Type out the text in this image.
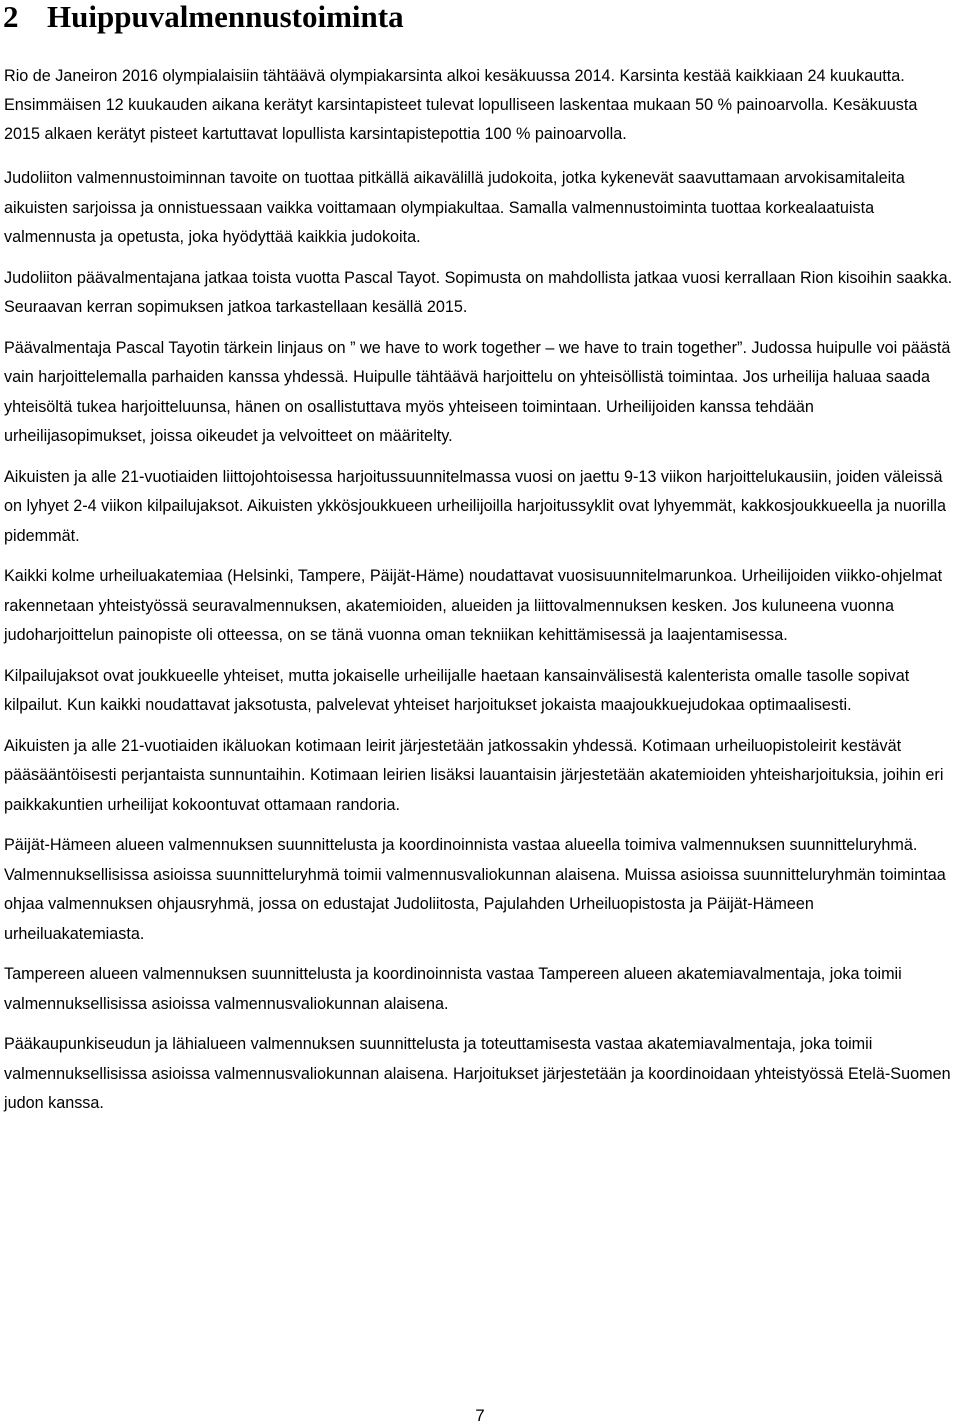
2 Huippuvalmennustoiminta

Rio de Janeiron 2016 olympialaisiin tähtäävä olympiakarsinta alkoi kesäkuussa 2014. Karsinta kestää kaikkiaan 24 kuukautta. Ensimmäisen 12 kuukauden aikana kerätyt karsintapisteet tulevat lopulliseen laskentaa mukaan 50 % painoarvolla. Kesäkuusta 2015 alkaen kerätyt pisteet kartuttavat lopullista karsintapistepottia 100 % painoarvolla.

Judoliiton valmennustoiminnan tavoite on tuottaa pitkällä aikavälillä judokoita, jotka kykenevät saavuttamaan arvokisamitaleita aikuisten sarjoissa ja onnistuessaan vaikka voittamaan olympiakultaa. Samalla valmennustoiminta tuottaa korkealaatuista valmennusta ja opetusta, joka hyödyttää kaikkia judokoita.

Judoliiton päävalmentajana jatkaa toista vuotta Pascal Tayot. Sopimusta on mahdollista jatkaa vuosi kerrallaan Rion kisoihin saakka. Seuraavan kerran sopimuksen jatkoa tarkastellaan kesällä 2015.

Päävalmentaja Pascal Tayotin tärkein linjaus on ” we have to work together – we have to train together”. Judossa huipulle voi päästä vain harjoittelemalla parhaiden kanssa yhdessä. Huipulle tähtäävä harjoittelu on yhteisöllistä toimintaa. Jos urheilija haluaa saada yhteisöltä tukea harjoitteluunsa, hänen on osallistuttava myös yhteiseen toimintaan. Urheilijoiden kanssa tehdään urheilijasopimukset, joissa oikeudet ja velvoitteet on määritelty.

Aikuisten ja alle 21-vuotiaiden liittojohtoisessa harjoitussuunnitelmassa vuosi on jaettu 9-13 viikon harjoittelukausiin, joiden väleissä on lyhyet 2-4 viikon kilpailujaksot. Aikuisten ykkösjoukkueen urheilijoilla harjoitussyklit ovat lyhyemmät, kakkosjoukkueella ja nuorilla pidemmät.

Kaikki kolme urheiluakatemiaa (Helsinki, Tampere, Päijät-Häme) noudattavat vuosisuunnitelmarunkoa. Urheilijoiden viikko-ohjelmat rakennetaan yhteistyössä seuravalmennuksen, akatemioiden, alueiden ja liittovalmennuksen kesken. Jos kuluneena vuonna judoharjoittelun painopiste oli otteessa, on se tänä vuonna oman tekniikan kehittämisessä ja laajentamisessa.

Kilpailujaksot ovat joukkueelle yhteiset, mutta jokaiselle urheilijalle haetaan kansainvälisestä kalenterista omalle tasolle sopivat kilpailut. Kun kaikki noudattavat jaksotusta, palvelevat yhteiset harjoitukset jokaista maajoukkuejudokaa optimaalisesti.

Aikuisten ja alle 21-vuotiaiden ikäluokan kotimaan leirit järjestetään jatkossakin yhdessä. Kotimaan urheiluopistoleirit kestävät pääsääntöisesti perjantaista sunnuntaihin. Kotimaan leirien lisäksi lauantaisin järjestetään akatemioiden yhteisharjoituksia, joihin eri paikkakuntien urheilijat kokoontuvat ottamaan randoria.

Päijät-Hämeen alueen valmennuksen suunnittelusta ja koordinoinnista vastaa alueella toimiva valmennuksen suunnitteluryhmä. Valmennuksellisissa asioissa suunnitteluryhmä toimii valmennusvaliokunnan alaisena. Muissa asioissa suunnitteluryhmän toimintaa ohjaa valmennuksen ohjausryhmä, jossa on edustajat Judoliitosta, Pajulahden Urheiluopistosta ja Päijät-Hämeen urheiluakatemiasta.

Tampereen alueen valmennuksen suunnittelusta ja koordinoinnista vastaa Tampereen alueen akatemiavalmentaja, joka toimii valmennuksellisissa asioissa valmennusvaliokunnan alaisena.

Pääkaupunkiseudun ja lähialueen valmennuksen suunnittelusta ja toteuttamisesta vastaa akatemiavalmentaja, joka toimii valmennuksellisissa asioissa valmennusvaliokunnan alaisena. Harjoitukset järjestetään ja koordinoidaan yhteistyössä Etelä-Suomen judon kanssa.

7
